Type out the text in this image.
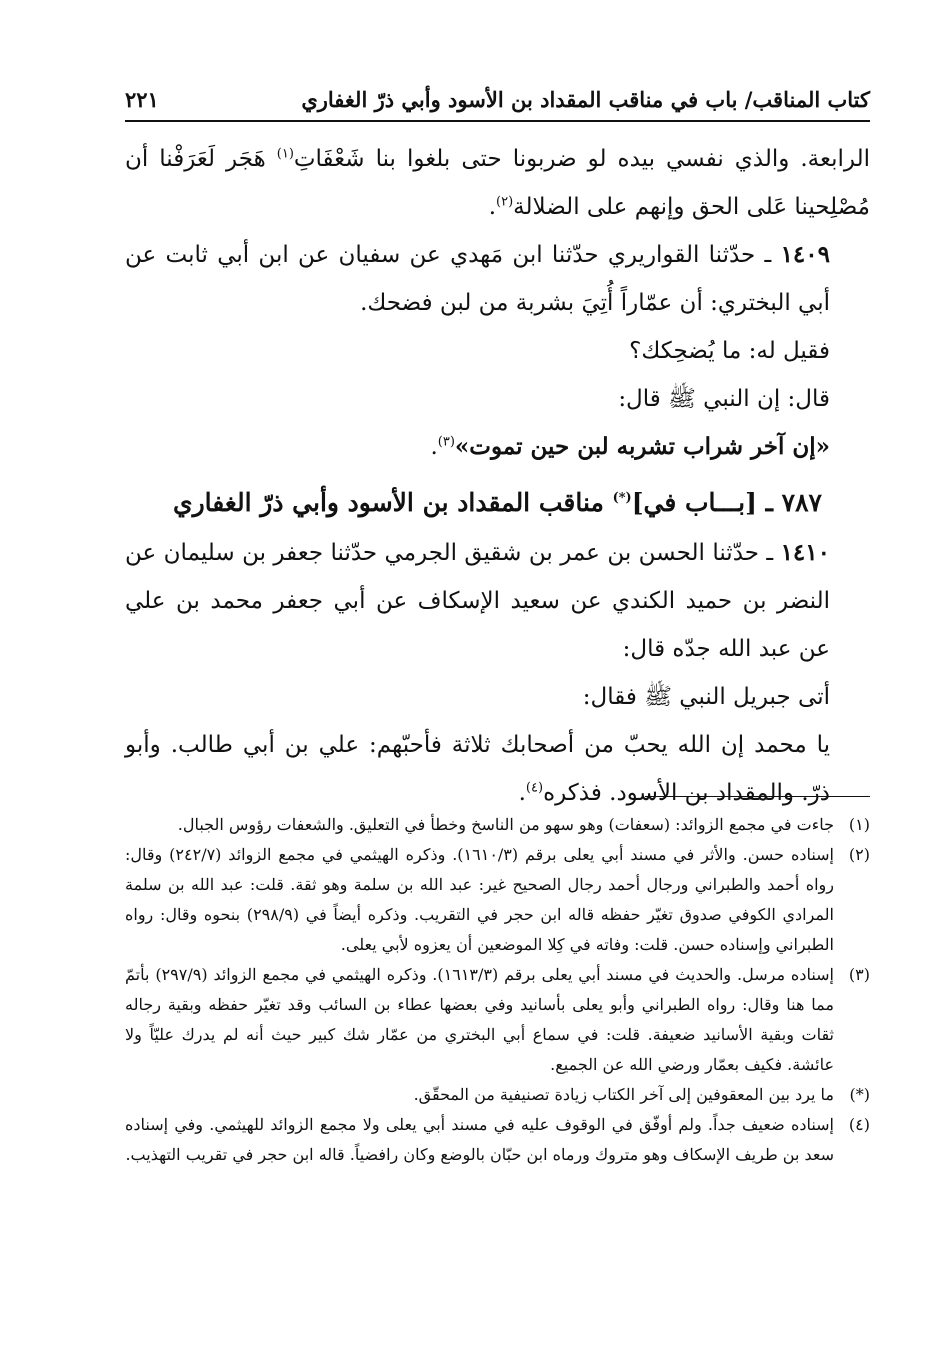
كتاب المناقب/ باب في مناقب المقداد بن الأسود وأبي ذرّ الغفاري
٢٢١

الرابعة. والذي نفسي بيده لو ضربونا حتى بلغوا بنا شَعْفَاتِ$^{(١)}$ هَجَر لَعَرَفْنا أن مُصْلِحينا عَلى الحق وإنهم على الضلالة$^{(٢)}$.

١٤٠٩ ـ حدّثنا القواريري حدّثنا ابن مَهدي عن سفيان عن ابن أبي ثابت عن أبي البختري: أن عمّاراً أُتِيَ بشربة من لبن فضحك.

فقيل له: ما يُضحِكك؟

قال: إن النبي ﷺ قال:

«إن آخر شراب تشربه لبن حين تموت»$^{(٣)}$.

٧٨٧ ـ [بـــاب في](*) مناقب المقداد بن الأسود وأبي ذرّ الغفاري

١٤١٠ ـ حدّثنا الحسن بن عمر بن شقيق الجرمي حدّثنا جعفر بن سليمان عن النضر بن حميد الكندي عن سعيد الإسكاف عن أبي جعفر محمد بن علي عن عبد الله جدّه قال:

أتى جبريل النبي ﷺ فقال:

يا محمد إن الله يحبّ من أصحابك ثلاثة فأحبّهم: علي بن أبي طالب. وأبو ذرّ. والمقداد بن الأسود. فذكره$^{(٤)}$.

(١)
جاءت في مجمع الزوائد: (سعفات) وهو سهو من الناسخ وخطأ في التعليق. والشعفات رؤوس الجبال.
(٢)
إسناده حسن. والأثر في مسند أبي يعلى برقم (١٦١٠/٣). وذكره الهيثمي في مجمع الزوائد (٢٤٢/٧) وقال: رواه أحمد والطبراني ورجال أحمد رجال الصحيح غير: عبد الله بن سلمة وهو ثقة. قلت: عبد الله بن سلمة المرادي الكوفي صدوق تغيّر حفظه قاله ابن حجر في التقريب. وذكره أيضاً في (٢٩٨/٩) بنحوه وقال: رواه الطبراني وإسناده حسن. قلت: وفاته في كِلا الموضعين أن يعزوه لأبي يعلى.
(٣)
إسناده مرسل. والحديث في مسند أبي يعلى برقم (١٦١٣/٣). وذكره الهيثمي في مجمع الزوائد (٢٩٧/٩) بأتمّ مما هنا وقال: رواه الطبراني وأبو يعلى بأسانيد وفي بعضها عطاء بن السائب وقد تغيّر حفظه وبقية رجاله ثقات وبقية الأسانيد ضعيفة. قلت: في سماع أبي البختري من عمّار شك كبير حيث أنه لم يدرك عليّاً ولا عائشة. فكيف بعمّار ورضي الله عن الجميع.
(*)
ما يرد بين المعقوفين إلى آخر الكتاب زيادة تصنيفية من المحقّق.
(٤)
إسناده ضعيف جداً. ولم أوفّق في الوقوف عليه في مسند أبي يعلى ولا مجمع الزوائد للهيثمي. وفي إسناده سعد بن طريف الإسكاف وهو متروك ورماه ابن حبّان بالوضع وكان رافضياً. قاله ابن حجر في تقريب التهذيب.
